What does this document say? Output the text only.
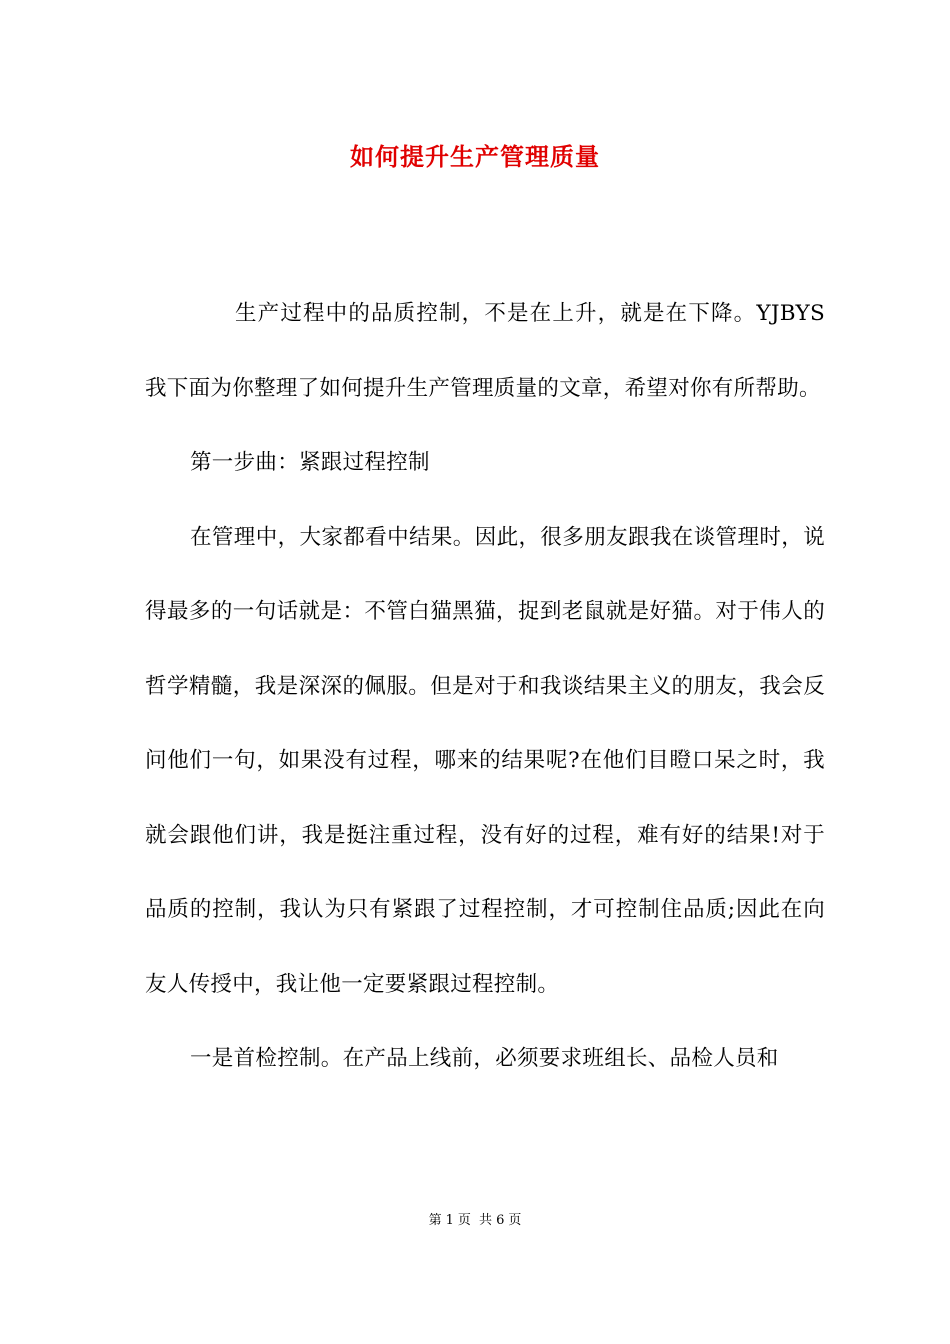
如何提升生产管理质量

生产过程中的品质控制，不是在上升，就是在下降。YJBYS我下面为你整理了如何提升生产管理质量的文章，希望对你有所帮助。

第一步曲：紧跟过程控制

在管理中，大家都看中结果。因此，很多朋友跟我在谈管理时，说得最多的一句话就是：不管白猫黑猫，捉到老鼠就是好猫。对于伟人的哲学精髓，我是深深的佩服。但是对于和我谈结果主义的朋友，我会反问他们一句，如果没有过程，哪来的结果呢?在他们目瞪口呆之时，我就会跟他们讲，我是挺注重过程，没有好的过程，难有好的结果!对于品质的控制，我认为只有紧跟了过程控制，才可控制住品质;因此在向友人传授中，我让他一定要紧跟过程控制。

一是首检控制。在产品上线前，必须要求班组长、品检人员和

第 1 页 共 6 页
